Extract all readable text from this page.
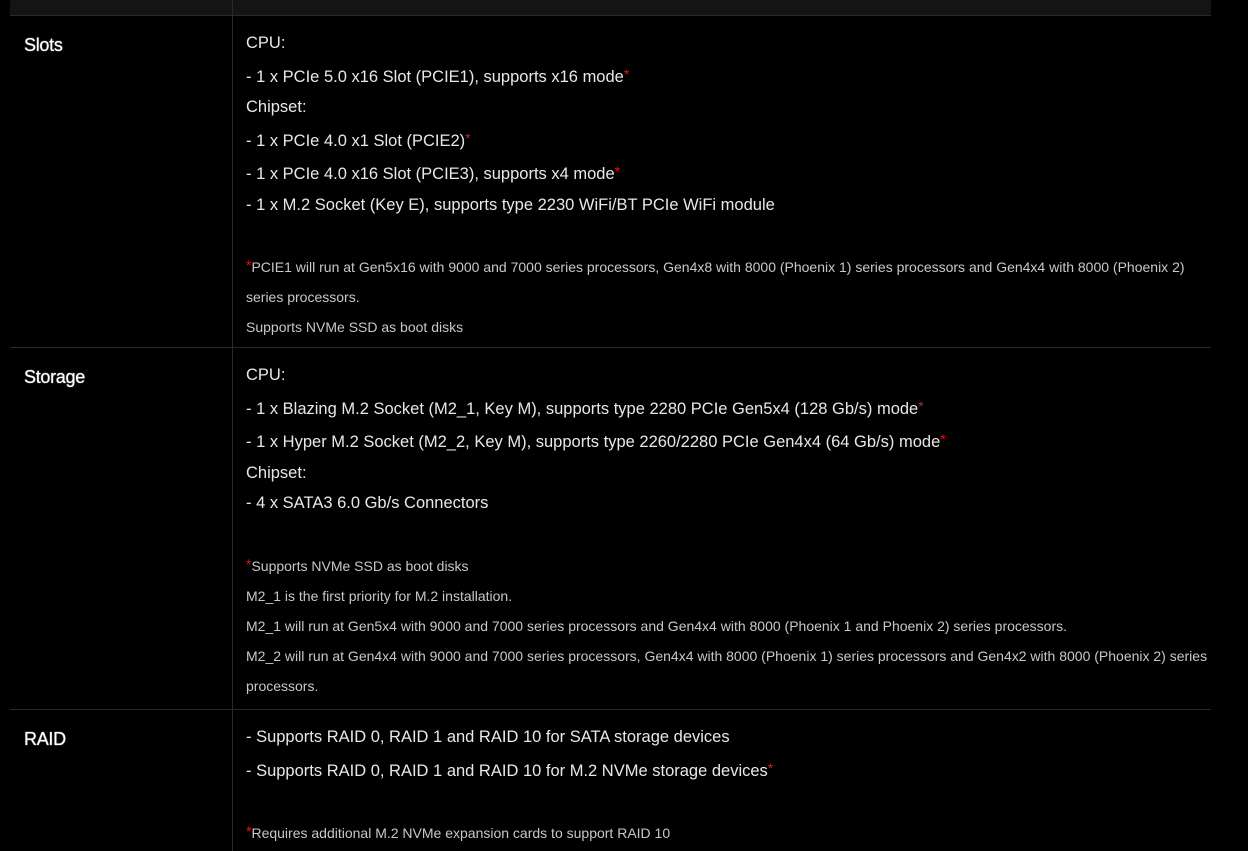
Slots	CPU:
- 1 x PCIe 5.0 x16 Slot (PCIE1), supports x16 mode*
Chipset:
- 1 x PCIe 4.0 x1 Slot (PCIE2)*
- 1 x PCIe 4.0 x16 Slot (PCIE3), supports x4 mode*
- 1 x M.2 Socket (Key E), supports type 2230 WiFi/BT PCIe WiFi module
*PCIE1 will run at Gen5x16 with 9000 and 7000 series processors, Gen4x8 with 8000 (Phoenix 1) series processors and Gen4x4 with 8000 (Phoenix 2) series processors.
Supports NVMe SSD as boot disks
Storage	CPU:
- 1 x Blazing M.2 Socket (M2_1, Key M), supports type 2280 PCIe Gen5x4 (128 Gb/s) mode*
- 1 x Hyper M.2 Socket (M2_2, Key M), supports type 2260/2280 PCIe Gen4x4 (64 Gb/s) mode*
Chipset:
- 4 x SATA3 6.0 Gb/s Connectors
*Supports NVMe SSD as boot disks
M2_1 is the first priority for M.2 installation.
M2_1 will run at Gen5x4 with 9000 and 7000 series processors and Gen4x4 with 8000 (Phoenix 1 and Phoenix 2) series processors.
M2_2 will run at Gen4x4 with 9000 and 7000 series processors, Gen4x4 with 8000 (Phoenix 1) series processors and Gen4x2 with 8000 (Phoenix 2) series processors.
RAID	- Supports RAID 0, RAID 1 and RAID 10 for SATA storage devices
- Supports RAID 0, RAID 1 and RAID 10 for M.2 NVMe storage devices*
*Requires additional M.2 NVMe expansion cards to support RAID 10
